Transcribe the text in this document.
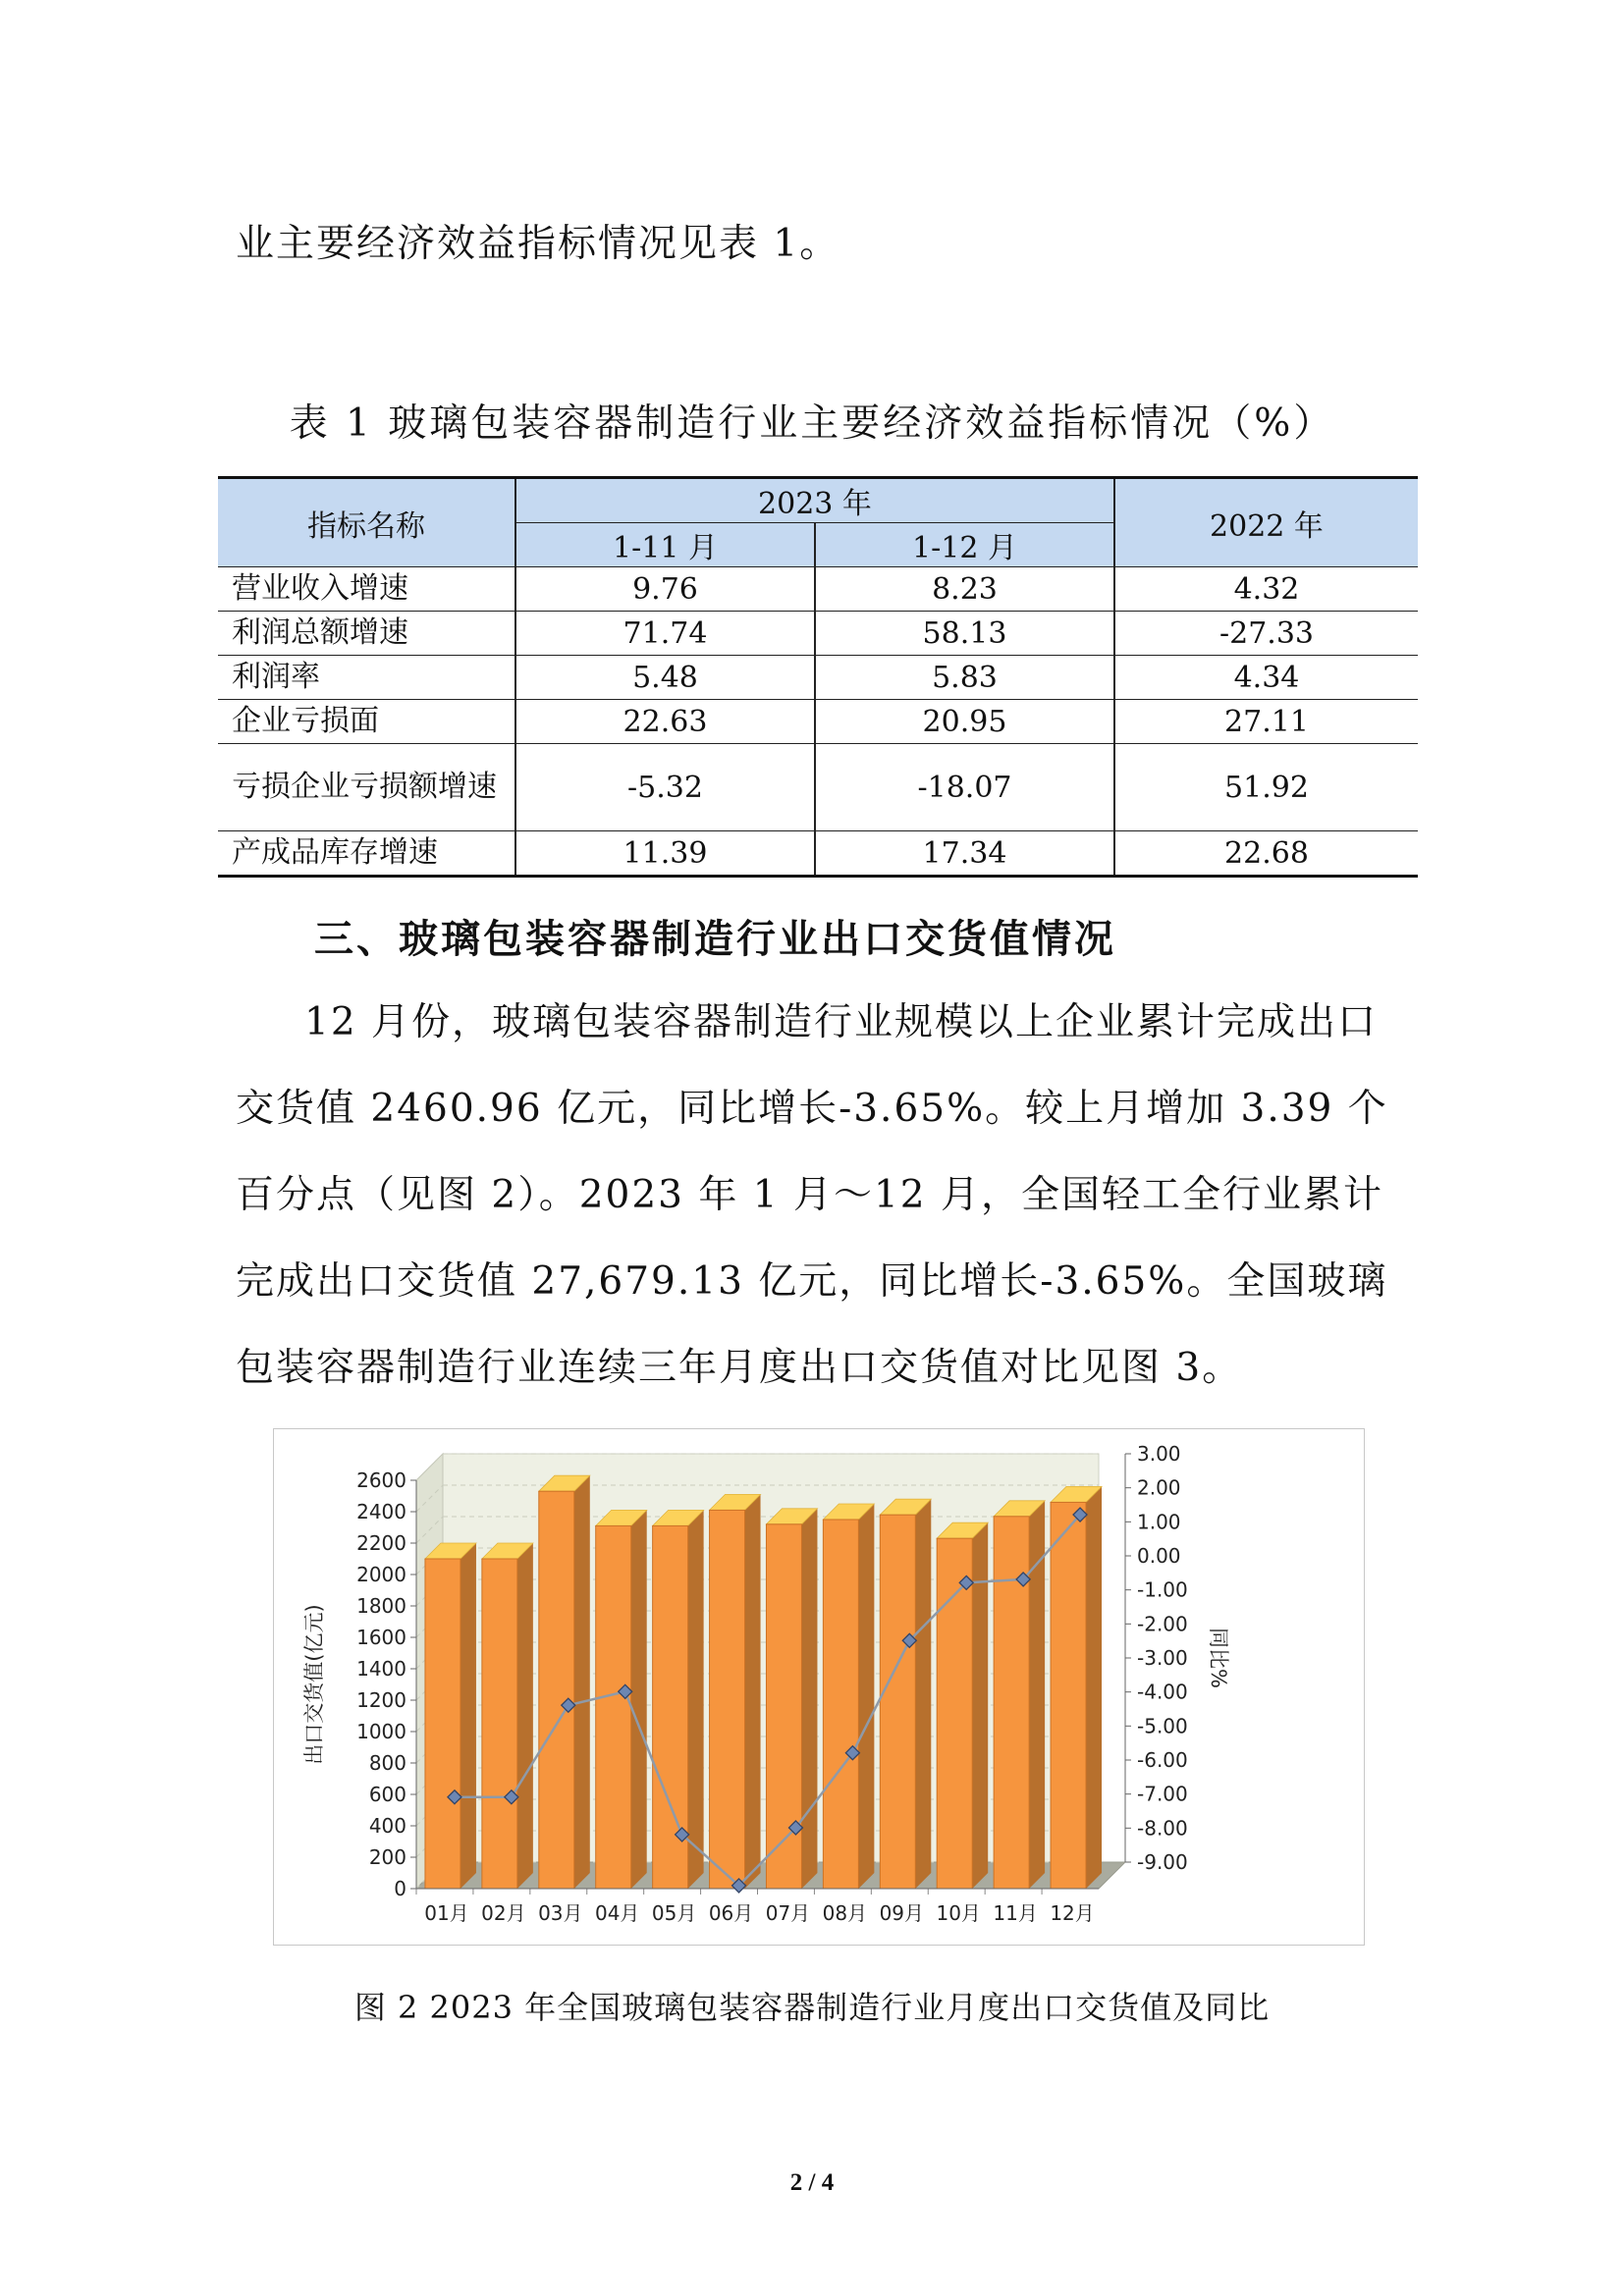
业主要经济效益指标情况见表 1。

表 1 玻璃包装容器制造行业主要经济效益指标情况（%）

指标名称	2023 年		2022 年
	1-11 月	1-12 月	
营业收入增速	9.76	8.23	4.32
利润总额增速	71.74	58.13	-27.33
利润率	5.48	5.83	4.34
企业亏损面	22.63	20.95	27.11
亏损企业亏损额增速	-5.32	-18.07	51.92
产成品库存增速	11.39	17.34	22.68
三、玻璃包装容器制造行业出口交货值情况

12 月份，玻璃包装容器制造行业规模以上企业累计完成出口交货值 2460.96 亿元，同比增长-3.65%。较上月增加 3.39 个百分点（见图 2）。2023 年 1 月～12 月，全国轻工全行业累计完成出口交货值 27,679.13 亿元，同比增长-3.65%。全国玻璃包装容器制造行业连续三年月度出口交货值对比见图 3。

0
200
400
600
800
1000
1200
1400
1600
1800
2000
2200
2400
2600
3.00
2.00
1.00
0.00
-1.00
-2.00
-3.00
-4.00
-5.00
-6.00
-7.00
-8.00
-9.00
出口交货值(亿元)	同比%
01月 02月 03月 04月 05月 06月 07月 08月 09月 10月 11月 12月

图 2 2023 年全国玻璃包装容器制造行业月度出口交货值及同比

2 / 4
